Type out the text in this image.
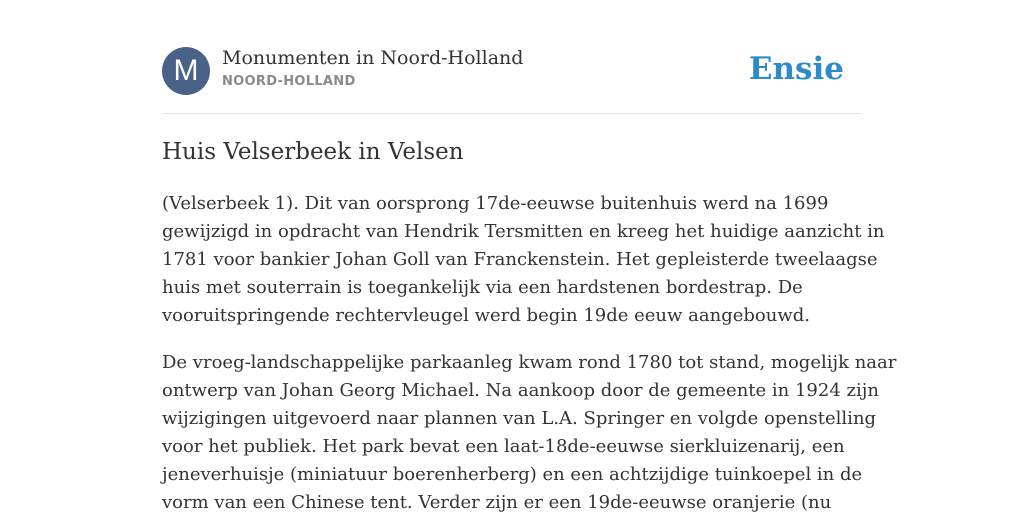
M	Monumenten in Noord-Holland
NOORD-HOLLAND	Ensie
Huis Velserbeek in Velsen

(Velserbeek 1). Dit van oorsprong 17de-eeuwse buitenhuis werd na 1699
gewijzigd in opdracht van Hendrik Tersmitten en kreeg het huidige aanzicht in
1781 voor bankier Johan Goll van Franckenstein. Het gepleisterde tweelaagse
huis met souterrain is toegankelijk via een hardstenen bordestrap. De
vooruitspringende rechtervleugel werd begin 19de eeuw aangebouwd.

De vroeg-landschappelijke parkaanleg kwam rond 1780 tot stand, mogelijk naar
ontwerp van Johan Georg Michael. Na aankoop door de gemeente in 1924 zijn
wijzigingen uitgevoerd naar plannen van L.A. Springer en volgde openstelling
voor het publiek. Het park bevat een laat-18de-eeuwse sierkluizenarij, een
jeneverhuisje (miniatuur boerenherberg) en een achtzijdige tuinkoepel in de
vorm van een Chinese tent. Verder zijn er een 19de-eeuwse oranjerie (nu
